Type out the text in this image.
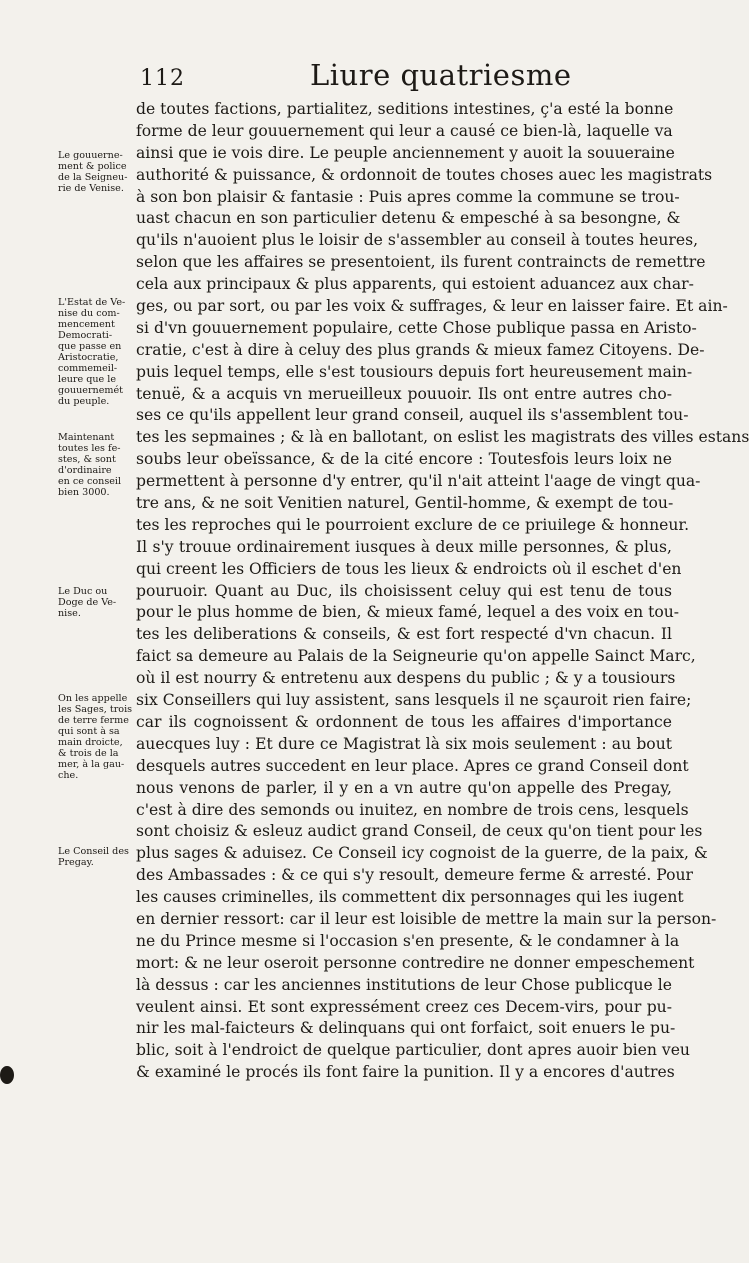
112	Liure quatriesme
de toutes factions, partialitez, seditions intestines, ç'a esté la bonne
forme de leur gouuernement qui leur a causé ce bien-là, laquelle va
ainsi que ie vois dire. Le peuple anciennement y auoit la souueraine
authorité & puissance, & ordonnoit de toutes choses auec les magistrats
à son bon plaisir & fantasie : Puis apres comme la commune se trou-
uast chacun en son particulier detenu & empesché à sa besongne, &
qu'ils n'auoient plus le loisir de s'assembler au conseil à toutes heures,
selon que les affaires se presentoient, ils furent contraincts de remettre
cela aux principaux & plus apparents, qui estoient aduancez aux char-
ges, ou par sort, ou par les voix & suffrages, & leur en laisser faire. Et ain-
si d'vn gouuernement populaire, cette Chose publique passa en Aristo-
cratie, c'est à dire à celuy des plus grands & mieux famez Citoyens. De-
puis lequel temps, elle s'est tousiours depuis fort heureusement main-
tenuë, & a acquis vn merueilleux pouuoir. Ils ont entre autres cho-
ses ce qu'ils appellent leur grand conseil, auquel ils s'assemblent tou-
tes les sepmaines ; & là en ballotant, on eslist les magistrats des villes estans
soubs leur obeïssance, & de la cité encore : Toutesfois leurs loix ne
permettent à personne d'y entrer, qu'il n'ait atteint l'aage de vingt qua-
tre ans, & ne soit Venitien naturel, Gentil-homme, & exempt de tou-
tes les reproches qui le pourroient exclure de ce priuilege & honneur.
Il s'y trouue ordinairement iusques à deux mille personnes, & plus,
qui creent les Officiers de tous les lieux & endroicts où il eschet d'en
pouruoir. Quant au Duc, ils choisissent celuy qui est tenu de tous
pour le plus homme de bien, & mieux famé, lequel a des voix en tou-
tes les deliberations & conseils, & est fort respecté d'vn chacun. Il
faict sa demeure au Palais de la Seigneurie qu'on appelle Sainct Marc,
où il est nourry & entretenu aux despens du public ; & y a tousiours
six Conseillers qui luy assistent, sans lesquels il ne sçauroit rien faire;
car ils cognoissent & ordonnent de tous les affaires d'importance
auecques luy : Et dure ce Magistrat là six mois seulement : au bout
desquels autres succedent en leur place. Apres ce grand Conseil dont
nous venons de parler, il y en a vn autre qu'on appelle des Pregay,
c'est à dire des semonds ou inuitez, en nombre de trois cens, lesquels
sont choisiz & esleuz audict grand Conseil, de ceux qu'on tient pour les
plus sages & aduisez. Ce Conseil icy cognoist de la guerre, de la paix, &
des Ambassades : & ce qui s'y resoult, demeure ferme & arresté. Pour
les causes criminelles, ils commettent dix personnages qui les iugent
en dernier ressort: car il leur est loisible de mettre la main sur la person-
ne du Prince mesme si l'occasion s'en presente, & le condamner à la
mort: & ne leur oseroit personne contredire ne donner empeschement
là dessus : car les anciennes institutions de leur Chose publicque le
veulent ainsi. Et sont expressément creez ces Decem-virs, pour pu-
nir les mal-faicteurs & delinquans qui ont forfaict, soit enuers le pu-
blic, soit à l'endroict de quelque particulier, dont apres auoir bien veu
& examiné le procés ils font faire la punition. Il y a encores d'autres
Le gouuerne-
ment & police
de la Seigneu-
rie de Venise.
L'Estat de Ve-
nise du com-
mencement
Democrati-
que passe en
Aristocratie,
commemeil-
leure que le
gouuernemét
du peuple.
Maintenant
toutes les fe-
stes, & sont
d'ordinaire
en ce conseil
bien 3000.
Le Duc ou
Doge de Ve-
nise.
On les appelle
les Sages, trois
de terre ferme
qui sont à sa
main droicte,
& trois de la
mer, à la gau-
che.
Le Conseil des
Pregay.
